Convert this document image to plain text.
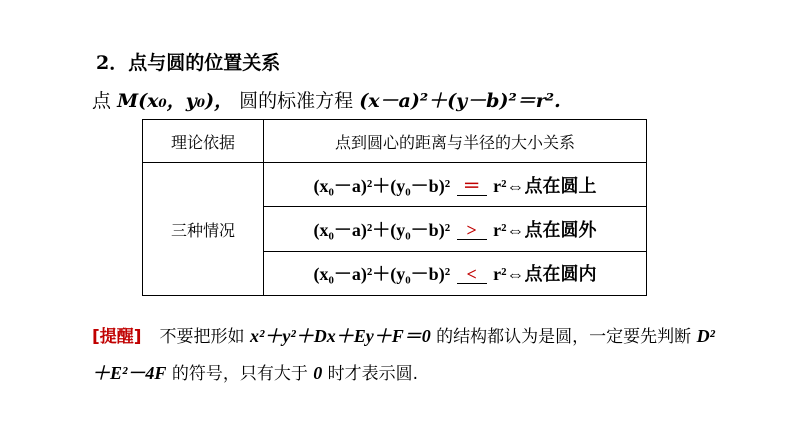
2．点与圆的位置关系
点 M(x₀，y₀)， 圆的标准方程 (x－a)²＋(y－b)²＝r².
理论依据	点到圆心的距离与半径的大小关系
三种情况	(x₀－a)²＋(y₀－b)² ＝ r²⇔点在圆上
	(x₀－a)²＋(y₀－b)² > r²⇔点在圆外
	(x₀－a)²＋(y₀－b)² < r²⇔点在圆内
[提醒] 不要把形如 x²＋y²＋Dx＋Ey＋F＝0 的结构都认为是圆，一定要先判断 D²＋E²－4F 的符号，只有大于 0 时才表示圆.
